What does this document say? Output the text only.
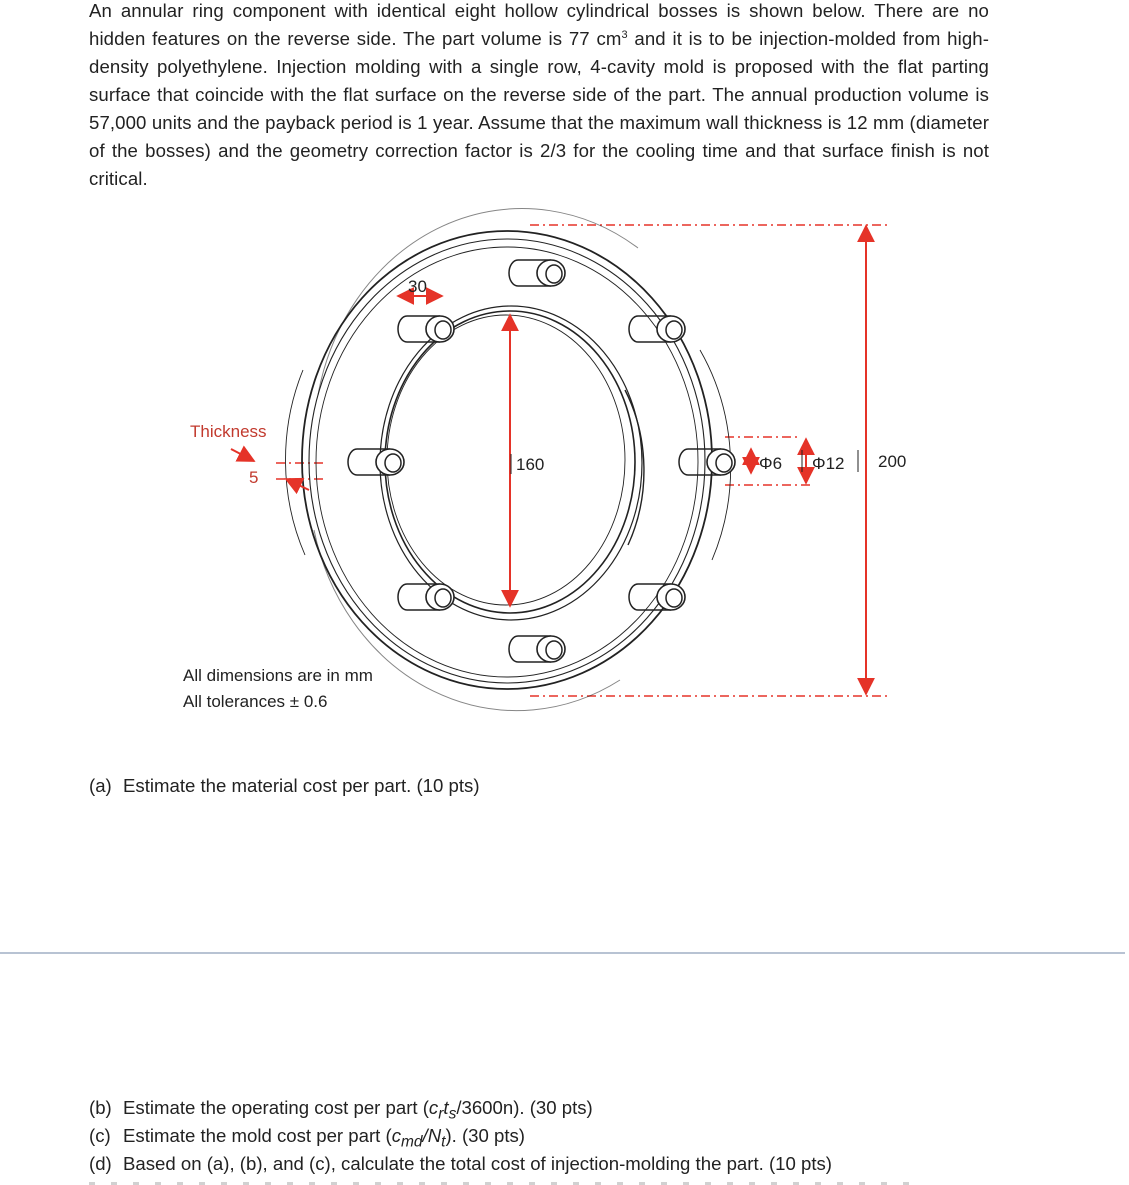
An annular ring component with identical eight hollow cylindrical bosses is shown below. There are no hidden features on the reverse side. The part volume is 77 $cm^3$ and it is to be injection-molded from high-density polyethylene. Injection molding with a single row, 4-cavity mold is proposed with the flat parting surface that coincide with the flat surface on the reverse side of the part. The annual production volume is 57,000 units and the payback period is 1 year. Assume that the maximum wall thickness is 12 mm (diameter of the bosses) and the geometry correction factor is 2/3 for the cooling time and that surface finish is not critical.

30
160	Φ6 Φ12 200
Thickness
5
All dimensions are in mm
All tolerances ± 0.6

(a) Estimate the material cost per part. (10 pts)

(b) Estimate the operating cost per part $(c_rt_s/3600n)$. (30 pts)

(c) Estimate the mold cost per part $(c_{md}/N_t)$. (30 pts)

(d) Based on (a), (b), and (c), calculate the total cost of injection-molding the part. (10 pts)
